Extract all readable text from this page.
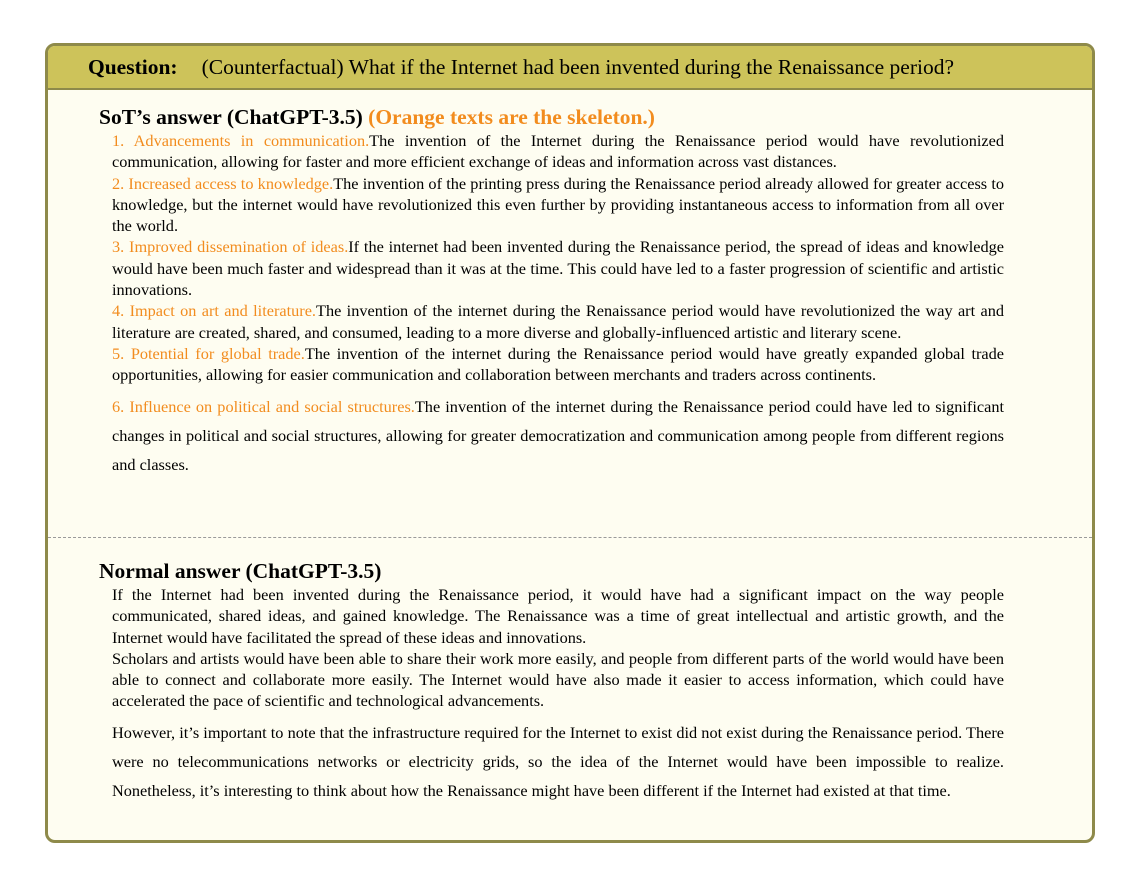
Question: (Counterfactual) What if the Internet had been invented during the Renaissance period?
SoT’s answer (ChatGPT-3.5) (Orange texts are the skeleton.)

1. Advancements in communication.The invention of the Internet during the Renaissance period would have revolutionized communication, allowing for faster and more efficient exchange of ideas and information across vast distances.

2. Increased access to knowledge.The invention of the printing press during the Renaissance period already allowed for greater access to knowledge, but the internet would have revolutionized this even further by providing instantaneous access to information from all over the world.

3. Improved dissemination of ideas.If the internet had been invented during the Renaissance period, the spread of ideas and knowledge would have been much faster and widespread than it was at the time. This could have led to a faster progression of scientific and artistic innovations.

4. Impact on art and literature.The invention of the internet during the Renaissance period would have revolutionized the way art and literature are created, shared, and consumed, leading to a more diverse and globally-influenced artistic and literary scene.

5. Potential for global trade.The invention of the internet during the Renaissance period would have greatly expanded global trade opportunities, allowing for easier communication and collaboration between merchants and traders across continents.

6. Influence on political and social structures.The invention of the internet during the Renaissance period could have led to significant changes in political and social structures, allowing for greater democratization and communication among people from different regions and classes.

Normal answer (ChatGPT-3.5)

If the Internet had been invented during the Renaissance period, it would have had a significant impact on the way people communicated, shared ideas, and gained knowledge. The Renaissance was a time of great intellectual and artistic growth, and the Internet would have facilitated the spread of these ideas and innovations.

Scholars and artists would have been able to share their work more easily, and people from different parts of the world would have been able to connect and collaborate more easily. The Internet would have also made it easier to access information, which could have accelerated the pace of scientific and technological advancements.

However, it’s important to note that the infrastructure required for the Internet to exist did not exist during the Renaissance period. There were no telecommunications networks or electricity grids, so the idea of the Internet would have been impossible to realize. Nonetheless, it’s interesting to think about how the Renaissance might have been different if the Internet had existed at that time.
